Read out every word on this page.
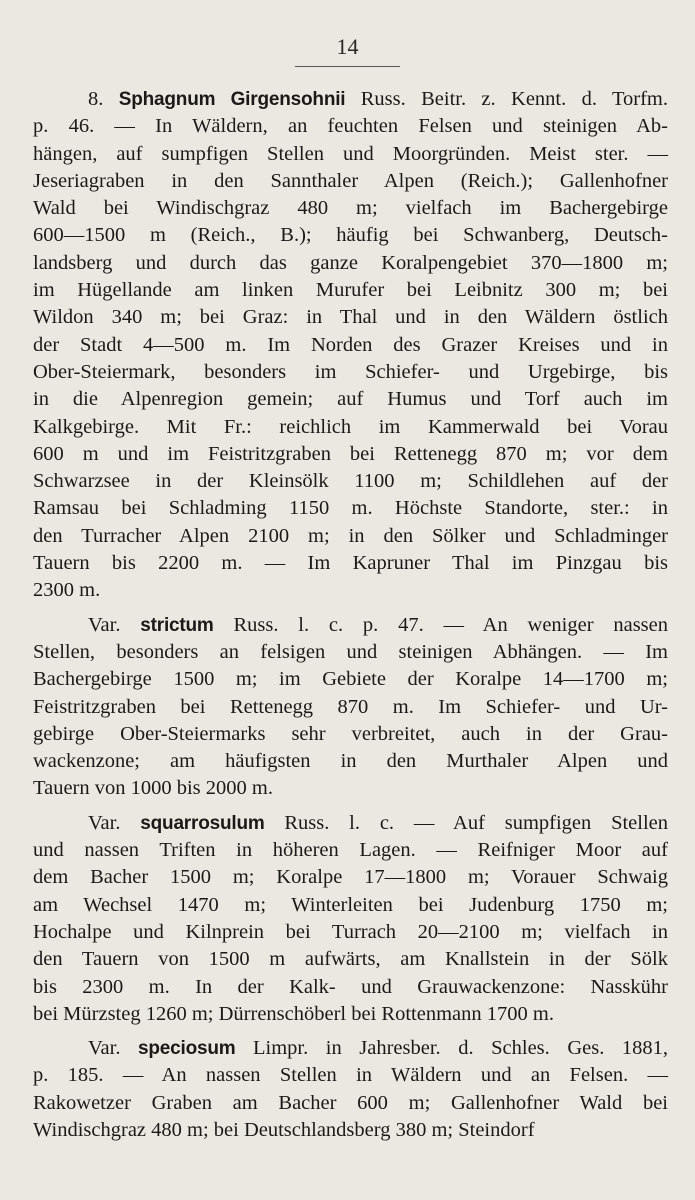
14
8. Sphagnum Girgensohnii Russ. Beitr. z. Kennt. d. Torfm.
p. 46. — In Wäldern, an feuchten Felsen und steinigen Ab-
hängen, auf sumpfigen Stellen und Moorgründen. Meist ster. —
Jeseriagraben in den Sannthaler Alpen (Reich.); Gallenhofner
Wald bei Windischgraz 480 m; vielfach im Bachergebirge
600—1500 m (Reich., B.); häufig bei Schwanberg, Deutsch-
landsberg und durch das ganze Koralpengebiet 370—1800 m;
im Hügellande am linken Murufer bei Leibnitz 300 m; bei
Wildon 340 m; bei Graz: in Thal und in den Wäldern östlich
der Stadt 4—500 m. Im Norden des Grazer Kreises und in
Ober-Steiermark, besonders im Schiefer- und Urgebirge, bis
in die Alpenregion gemein; auf Humus und Torf auch im
Kalkgebirge. Mit Fr.: reichlich im Kammerwald bei Vorau
600 m und im Feistritzgraben bei Rettenegg 870 m; vor dem
Schwarzsee in der Kleinsölk 1100 m; Schildlehen auf der
Ramsau bei Schladming 1150 m. Höchste Standorte, ster.: in
den Turracher Alpen 2100 m; in den Sölker und Schladminger
Tauern bis 2200 m. — Im Kapruner Thal im Pinzgau bis
2300 m.
Var. strictum Russ. l. c. p. 47. — An weniger nassen
Stellen, besonders an felsigen und steinigen Abhängen. — Im
Bachergebirge 1500 m; im Gebiete der Koralpe 14—1700 m;
Feistritzgraben bei Rettenegg 870 m. Im Schiefer- und Ur-
gebirge Ober-Steiermarks sehr verbreitet, auch in der Grau-
wackenzone; am häufigsten in den Murthaler Alpen und
Tauern von 1000 bis 2000 m.
Var. squarrosulum Russ. l. c. — Auf sumpfigen Stellen
und nassen Triften in höheren Lagen. — Reifniger Moor auf
dem Bacher 1500 m; Koralpe 17—1800 m; Vorauer Schwaig
am Wechsel 1470 m; Winterleiten bei Judenburg 1750 m;
Hochalpe und Kilnprein bei Turrach 20—2100 m; vielfach in
den Tauern von 1500 m aufwärts, am Knallstein in der Sölk
bis 2300 m. In der Kalk- und Grauwackenzone: Nasskühr
bei Mürzsteg 1260 m; Dürrenschöberl bei Rottenmann 1700 m.
Var. speciosum Limpr. in Jahresber. d. Schles. Ges. 1881,
p. 185. — An nassen Stellen in Wäldern und an Felsen. —
Rakowetzer Graben am Bacher 600 m; Gallenhofner Wald bei
Windischgraz 480 m; bei Deutschlandsberg 380 m; Steindorf
